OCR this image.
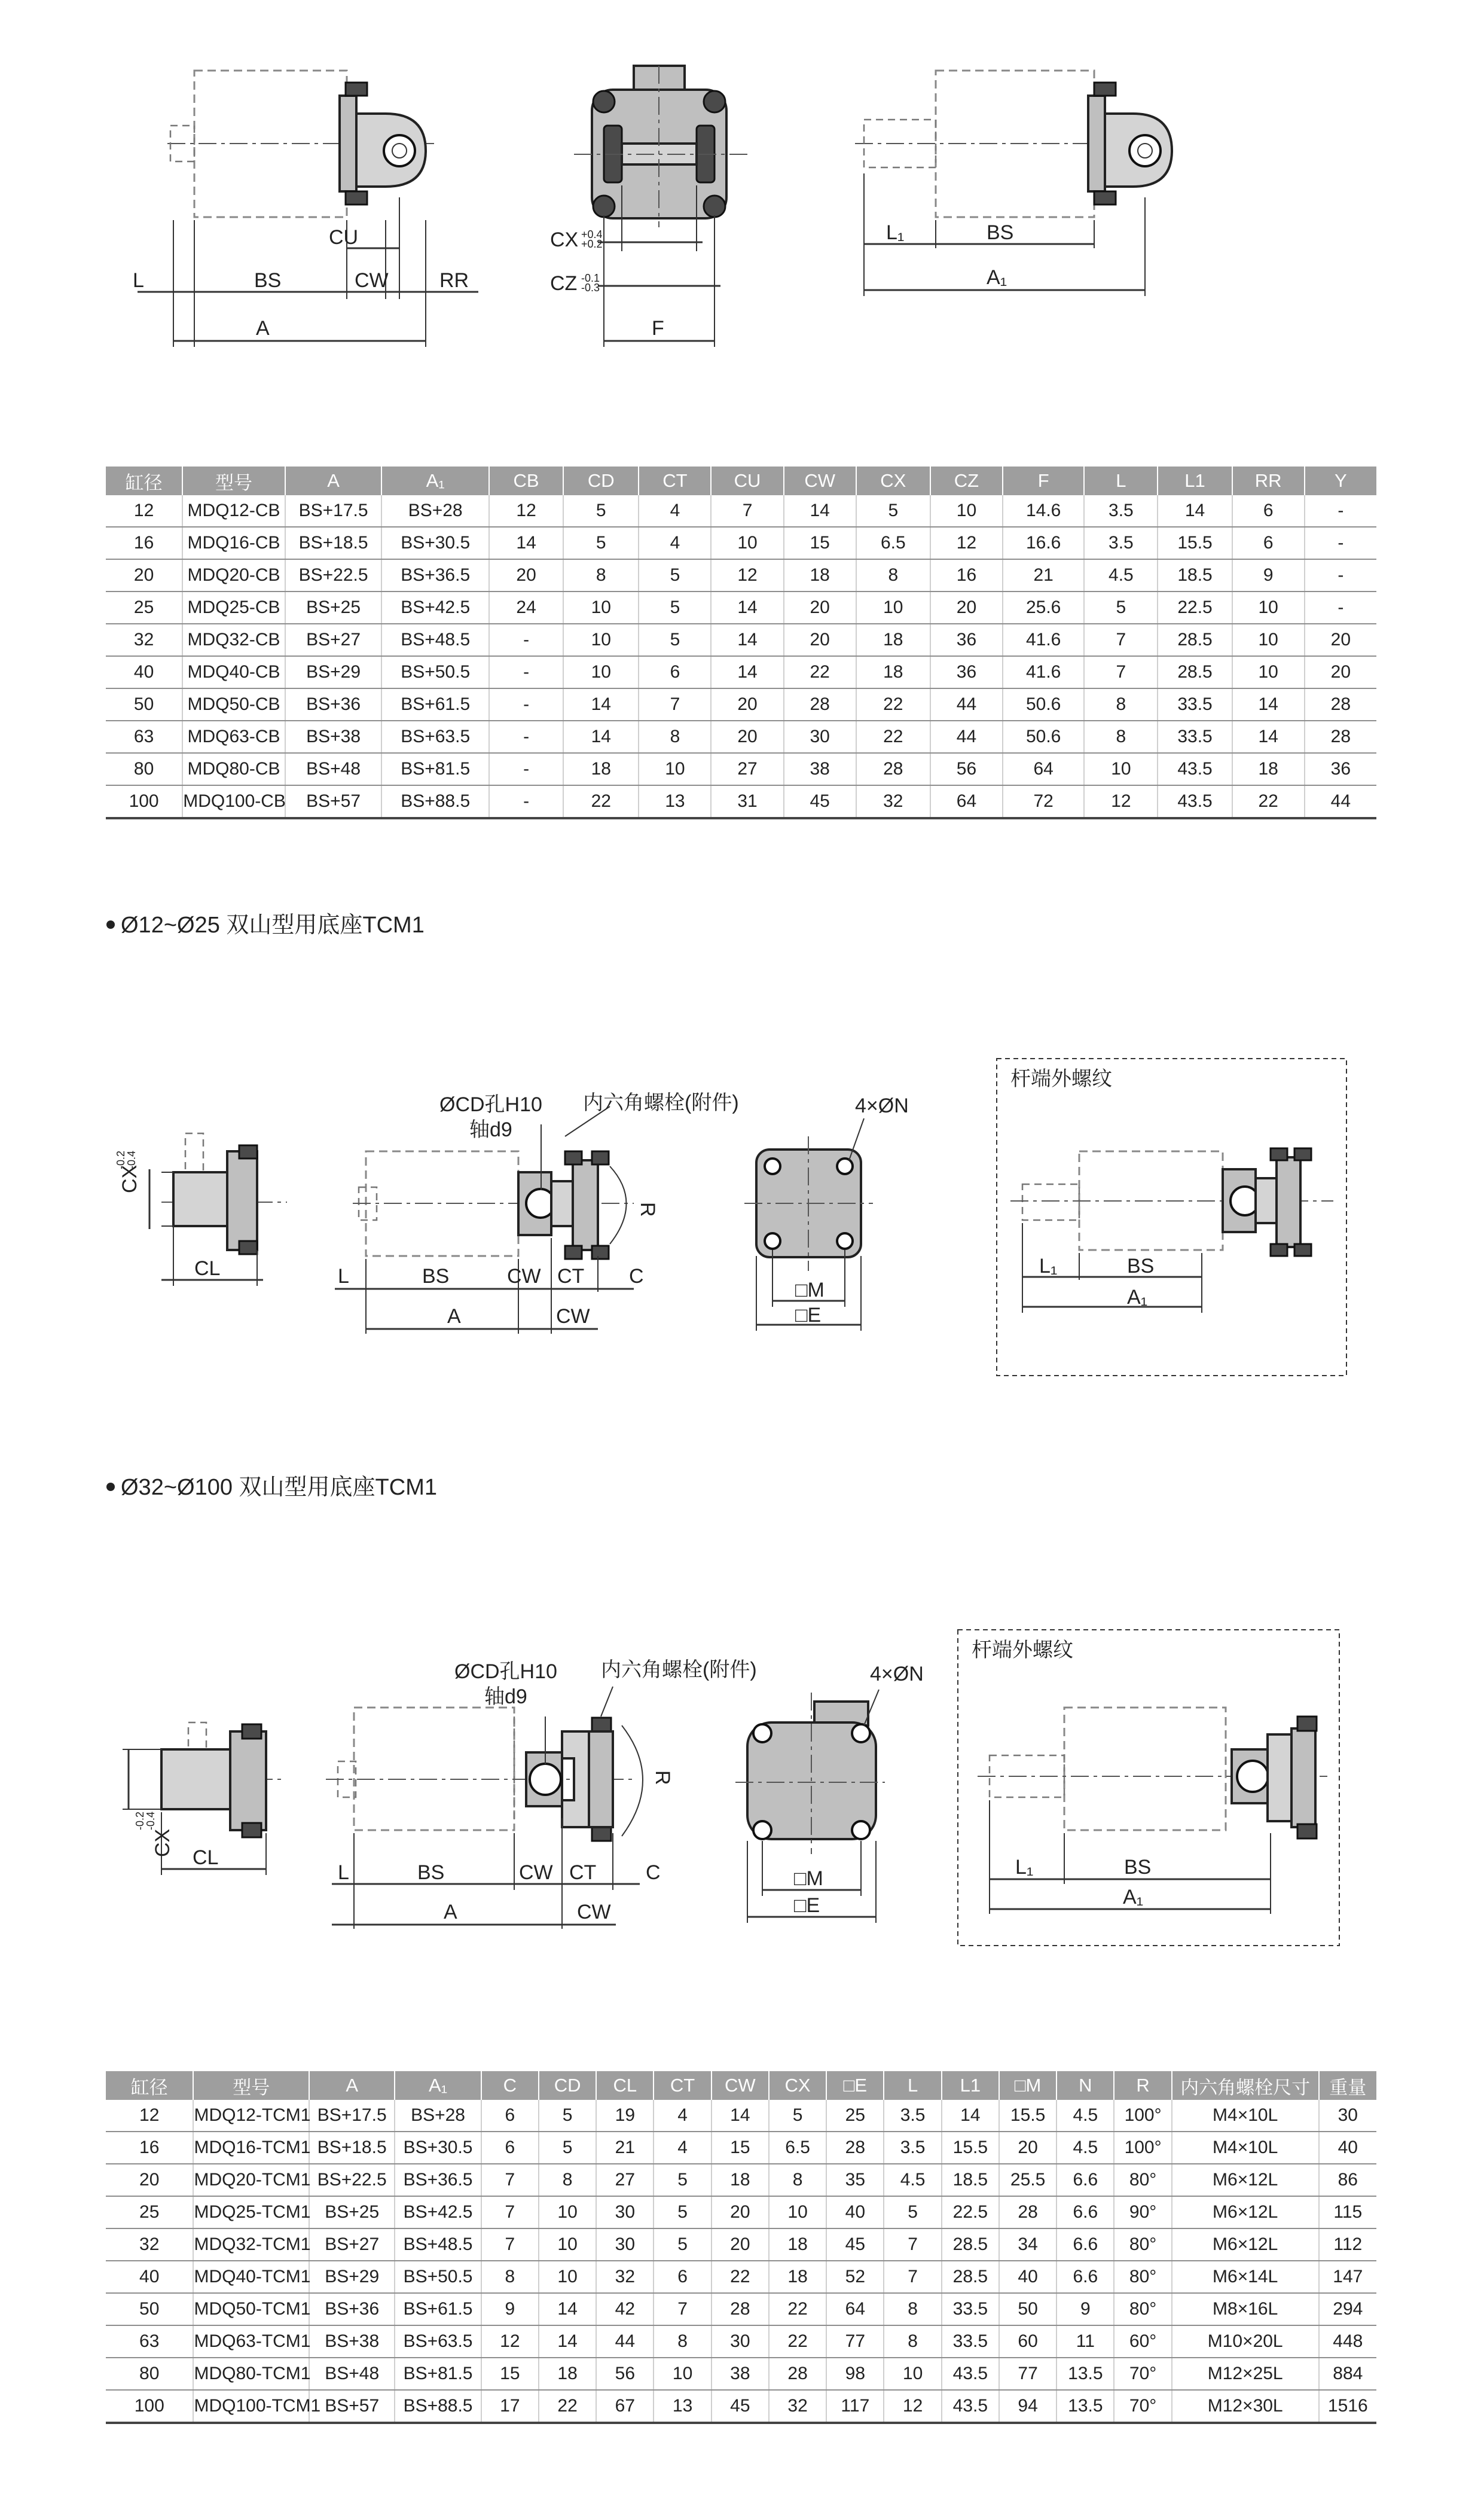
CU
L	BS	CW	RR
A
CX +0.4
+0.2
CZ -0.1
-0.3
F
L₁	BS
A₁
CX
-0.2
-0.4
CL
ØCD孔H10
轴d9
内六角螺栓(附件)
R
L	BS	CW CT C
A	CW
4×ØN
□M
□E
杆端外螺纹
L₁	BS
A₁
CX
-0.2
-0.4
CL
ØCD孔H10
轴d9
内六角螺栓(附件)
R
L	BS	CW CT C
A	CW
4×ØN
□M
□E
杆端外螺纹
L₁	BS
A₁
缸径	型号	A	A₁	CB	CD	CT	CU	CW	CX	CZ	F	L	L1	RR	Y
12	MDQ12-CB	BS+17.5	BS+28	12	5	4	7	14	5	10	14.6	3.5	14	6	-
16	MDQ16-CB	BS+18.5	BS+30.5	14	5	4	10	15	6.5	12	16.6	3.5	15.5	6	-
20	MDQ20-CB	BS+22.5	BS+36.5	20	8	5	12	18	8	16	21	4.5	18.5	9	-
25	MDQ25-CB	BS+25	BS+42.5	24	10	5	14	20	10	20	25.6	5	22.5	10	-
32	MDQ32-CB	BS+27	BS+48.5	-	10	5	14	20	18	36	41.6	7	28.5	10	20
40	MDQ40-CB	BS+29	BS+50.5	-	10	6	14	22	18	36	41.6	7	28.5	10	20
50	MDQ50-CB	BS+36	BS+61.5	-	14	7	20	28	22	44	50.6	8	33.5	14	28
63	MDQ63-CB	BS+38	BS+63.5	-	14	8	20	30	22	44	50.6	8	33.5	14	28
80	MDQ80-CB	BS+48	BS+81.5	-	18	10	27	38	28	56	64	10	43.5	18	36
100	MDQ100-CB	BS+57	BS+88.5	-	22	13	31	45	32	64	72	12	43.5	22	44
Ø12~Ø25 双山型用底座TCM1
Ø32~Ø100 双山型用底座TCM1
缸径	型号	A	A₁	C	CD	CL	CT	CW	CX	□E	L	L1	□M	N	R	内六角螺栓尺寸	重量
12	MDQ12-TCM1	BS+17.5	BS+28	6	5	19	4	14	5	25	3.5	14	15.5	4.5	100°	M4×10L	30
16	MDQ16-TCM1	BS+18.5	BS+30.5	6	5	21	4	15	6.5	28	3.5	15.5	20	4.5	100°	M4×10L	40
20	MDQ20-TCM1	BS+22.5	BS+36.5	7	8	27	5	18	8	35	4.5	18.5	25.5	6.6	80°	M6×12L	86
25	MDQ25-TCM1	BS+25	BS+42.5	7	10	30	5	20	10	40	5	22.5	28	6.6	90°	M6×12L	115
32	MDQ32-TCM1	BS+27	BS+48.5	7	10	30	5	20	18	45	7	28.5	34	6.6	80°	M6×12L	112
40	MDQ40-TCM1	BS+29	BS+50.5	8	10	32	6	22	18	52	7	28.5	40	6.6	80°	M6×14L	147
50	MDQ50-TCM1	BS+36	BS+61.5	9	14	42	7	28	22	64	8	33.5	50	9	80°	M8×16L	294
63	MDQ63-TCM1	BS+38	BS+63.5	12	14	44	8	30	22	77	8	33.5	60	11	60°	M10×20L	448
80	MDQ80-TCM1	BS+48	BS+81.5	15	18	56	10	38	28	98	10	43.5	77	13.5	70°	M12×25L	884
100	MDQ100-TCM1	BS+57	BS+88.5	17	22	67	13	45	32	117	12	43.5	94	13.5	70°	M12×30L	1516
